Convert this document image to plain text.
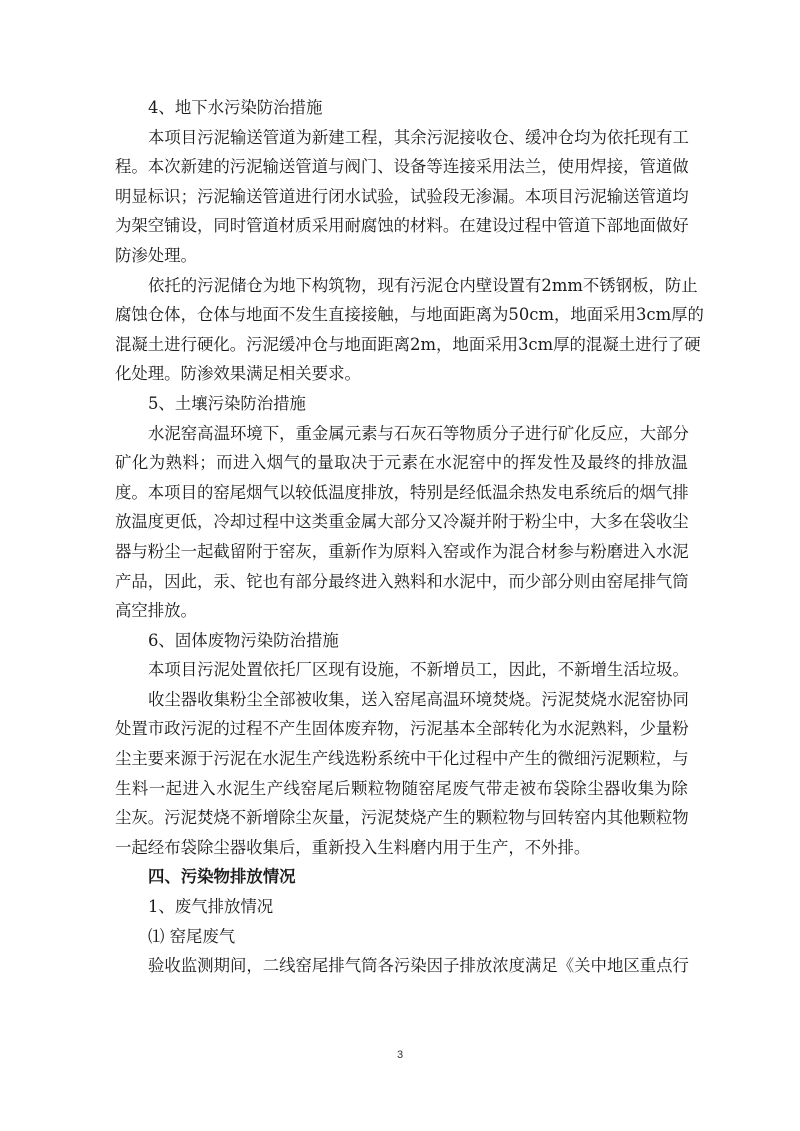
4、地下水污染防治措施
本 项 目 污 泥 输 送 管 道 为 新 建 工 程 ， 其 余 污 泥 接 收 仓 、 缓 冲 仓 均 为 依 托 现 有 工
程 。 本 次 新 建 的 污 泥 输 送 管 道 与 阀 门 、 设 备 等 连 接 采 用 法 兰 ， 使 用 焊 接 ， 管 道 做
明 显 标 识 ； 污 泥 输 送 管 道 进 行 闭 水 试 验 ， 试 验 段 无 渗 漏 。 本 项 目 污 泥 输 送 管 道 均
为 架 空 铺 设 ， 同 时 管 道 材 质 采 用 耐 腐 蚀 的 材 料 。 在 建 设 过 程 中 管 道 下 部 地 面 做 好
防渗处理。
依 托 的 污 泥 储 仓 为 地 下 构 筑 物 ， 现 有 污 泥 仓 内 壁 设 置 有 2 m m 不 锈 钢 板 ， 防 止
腐 蚀 仓 体 ， 仓 体 与 地 面 不 发 生 直 接 接 触 ， 与 地 面 距 离 为 5 0 c m ， 地 面 采 用 3 c m 厚 的
混 凝 土 进 行 硬 化 。 污 泥 缓 冲 仓 与 地 面 距 离 2 m ， 地 面 采 用 3 c m 厚 的 混 凝 土 进 行 了 硬
化处理。防渗效果满足相关要求。
5、土壤污染防治措施
水 泥 窑 高 温 环 境 下 ， 重 金 属 元 素 与 石 灰 石 等 物 质 分 子 进 行 矿 化 反 应 ， 大 部 分
矿 化 为 熟 料 ； 而 进 入 烟 气 的 量 取 决 于 元 素 在 水 泥 窑 中 的 挥 发 性 及 最 终 的 排 放 温
度 。 本 项 目 的 窑 尾 烟 气 以 较 低 温 度 排 放 ， 特 别 是 经 低 温 余 热 发 电 系 统 后 的 烟 气 排
放 温 度 更 低 ， 冷 却 过 程 中 这 类 重 金 属 大 部 分 又 冷 凝 并 附 于 粉 尘 中 ， 大 多 在 袋 收 尘
器 与 粉 尘 一 起 截 留 附 于 窑 灰 ， 重 新 作 为 原 料 入 窑 或 作 为 混 合 材 参 与 粉 磨 进 入 水 泥
产 品 ， 因 此 ， 汞 、 铊 也 有 部 分 最 终 进 入 熟 料 和 水 泥 中 ， 而 少 部 分 则 由 窑 尾 排 气 筒
高空排放。
6、固体废物污染防治措施
本项目污泥处置依托厂区现有设施，不新增员工，因此，不新增生活垃圾。
收 尘 器 收 集 粉 尘 全 部 被 收 集 ， 送 入 窑 尾 高 温 环 境 焚 烧 。 污 泥 焚 烧 水 泥 窑 协 同
处 置 市 政 污 泥 的 过 程 不 产 生 固 体 废 弃 物 ， 污 泥 基 本 全 部 转 化 为 水 泥 熟 料 ， 少 量 粉
尘 主 要 来 源 于 污 泥 在 水 泥 生 产 线 选 粉 系 统 中 干 化 过 程 中 产 生 的 微 细 污 泥 颗 粒 ， 与
生 料 一 起 进 入 水 泥 生 产 线 窑 尾 后 颗 粒 物 随 窑 尾 废 气 带 走 被 布 袋 除 尘 器 收 集 为 除
尘 灰 。 污 泥 焚 烧 不 新 增 除 尘 灰 量 ， 污 泥 焚 烧 产 生 的 颗 粒 物 与 回 转 窑 内 其 他 颗 粒 物
一起经布袋除尘器收集后，重新投入生料磨内用于生产，不外排。
四、污染物排放情况
1、废气排放情况
⑴ 窑尾废气
验 收 监 测 期 间 ， 二 线 窑 尾 排 气 筒 各 污 染 因 子 排 放 浓 度 满 足 《 关 中 地 区 重 点 行
3
